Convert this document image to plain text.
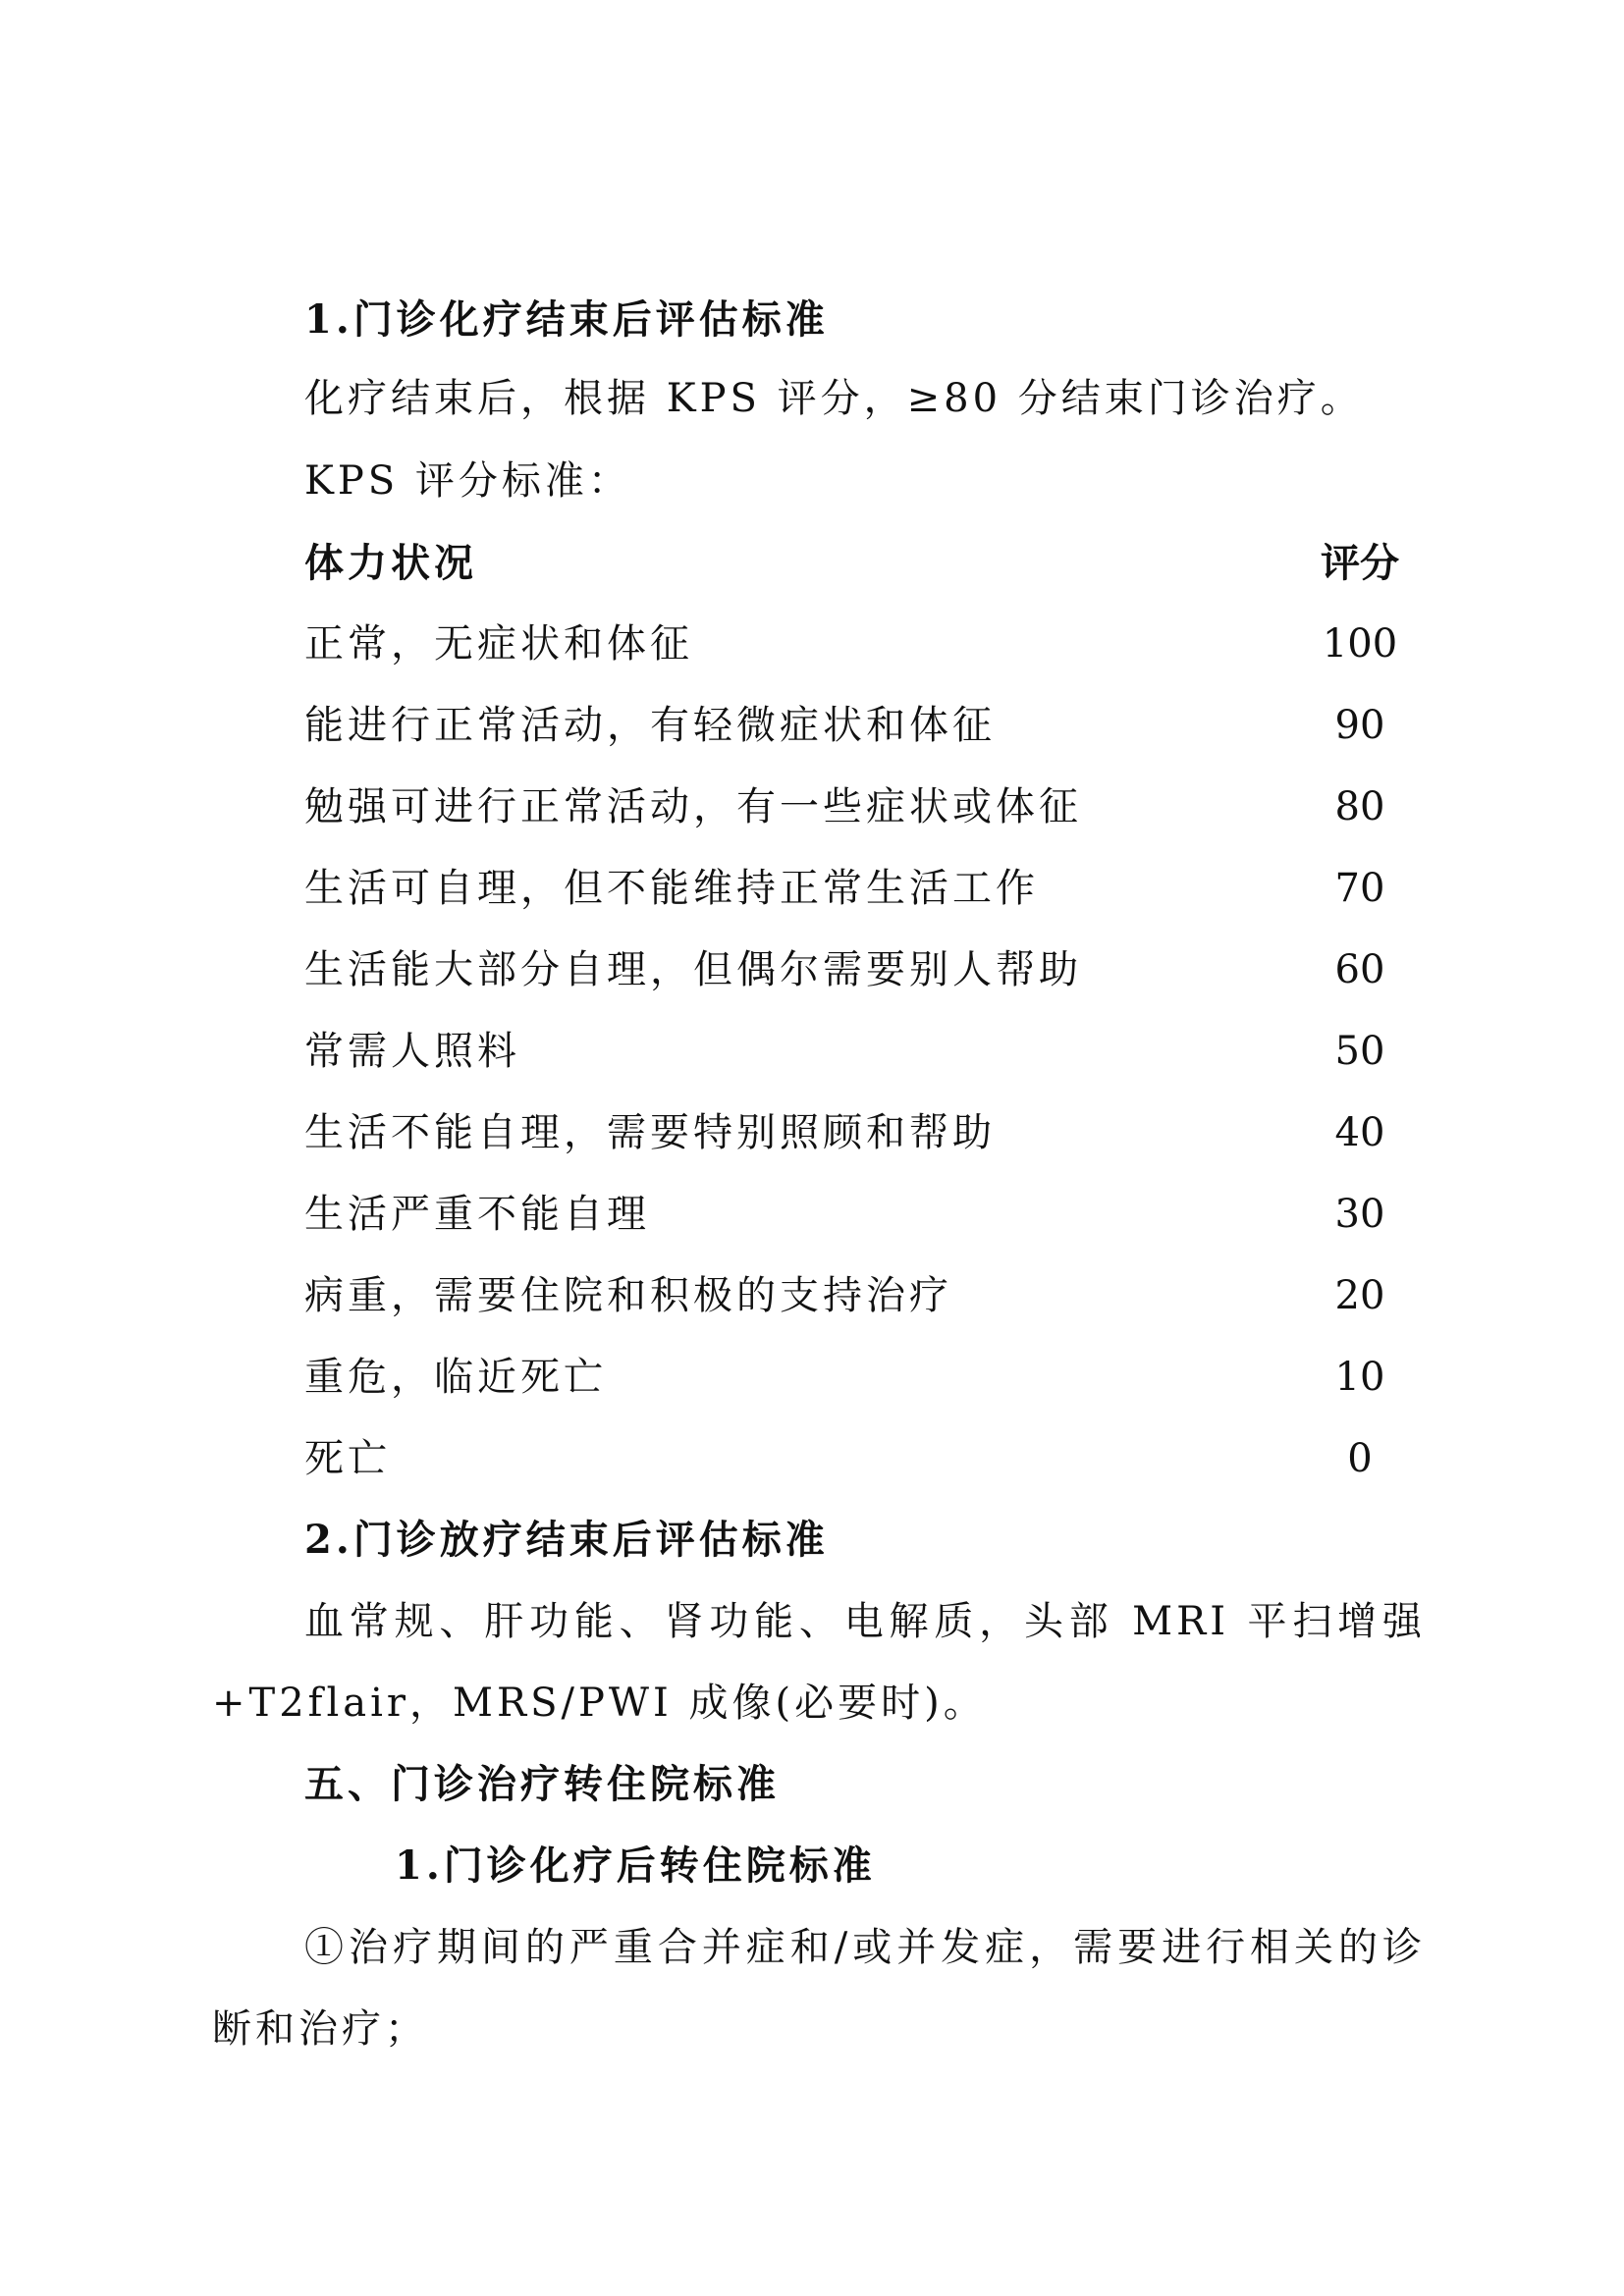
1.门诊化疗结束后评估标准
化疗结束后，根据 KPS 评分，≥80 分结束门诊治疗。
KPS 评分标准：
体力状况	评分
正常，无症状和体征	100
能进行正常活动，有轻微症状和体征	90
勉强可进行正常活动，有一些症状或体征	80
生活可自理，但不能维持正常生活工作	70
生活能大部分自理，但偶尔需要别人帮助	60
常需人照料	50
生活不能自理，需要特别照顾和帮助	40
生活严重不能自理	30
病重，需要住院和积极的支持治疗	20
重危，临近死亡	10
死亡	0
2.门诊放疗结束后评估标准
血常规、肝功能、肾功能、电解质，头部 MRI 平扫增强
+T2flair，MRS/PWI 成像(必要时)。
五、门诊治疗转住院标准
1.门诊化疗后转住院标准
①治疗期间的严重合并症和/或并发症，需要进行相关的诊
断和治疗；
